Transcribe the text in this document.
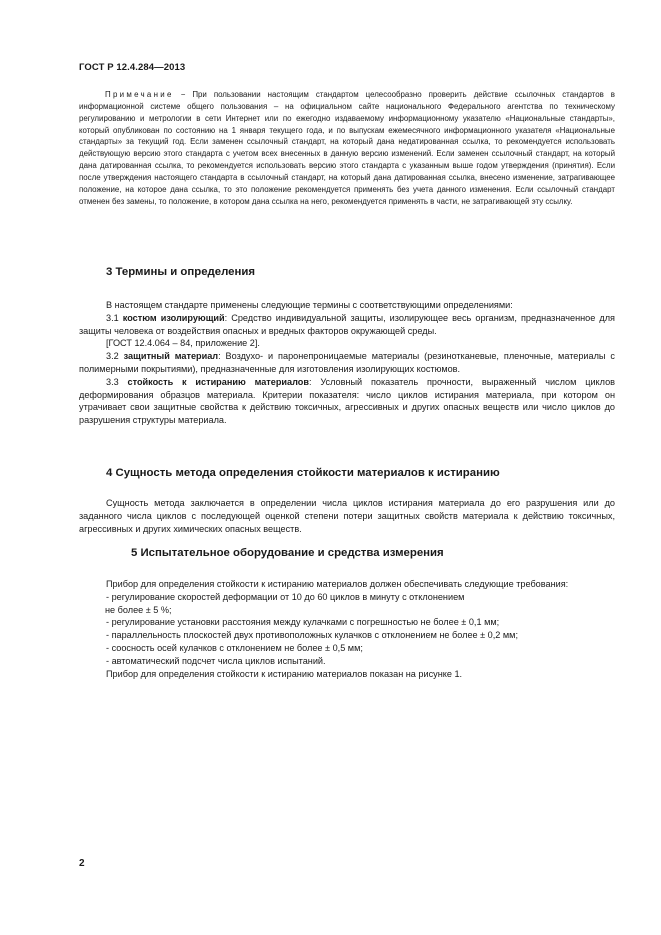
ГОСТ Р 12.4.284—2013
Примечание − При пользовании настоящим стандартом целесообразно проверить действие ссылочных стандартов в информационной системе общего пользования – на официальном сайте национального Федерального агентства по техническому регулированию и метрологии в сети Интернет или по ежегодно издаваемому информационному указателю «Национальные стандарты», который опубликован по состоянию на 1 января текущего года, и по выпускам ежемесячного информационного указателя «Национальные стандарты» за текущий год. Если заменен ссылочный стандарт, на который дана недатированная ссылка, то рекомендуется использовать действующую версию этого стандарта с учетом всех внесенных в данную версию изменений. Если заменен ссылочный стандарт, на который дана датированная ссылка, то рекомендуется использовать версию этого стандарта с указанным выше годом утверждения (принятия). Если после утверждения настоящего стандарта в ссылочный стандарт, на который дана датированная ссылка, внесено изменение, затрагивающее положение, на которое дана ссылка, то это положение рекомендуется применять без учета данного изменения. Если ссылочный стандарт отменен без замены, то положение, в котором дана ссылка на него, рекомендуется применять в части, не затрагивающей эту ссылку.
3 Термины и определения

В настоящем стандарте применены следующие термины с соответствующими определениями:

3.1 костюм изолирующий: Средство индивидуальной защиты, изолирующее весь организм, предназначенное для защиты человека от воздействия опасных и вредных факторов окружающей среды.

[ГОСТ 12.4.064 – 84, приложение 2].

3.2 защитный материал: Воздухо- и паронепроницаемые материалы (резинотканевые, пленочные, материалы с полимерными покрытиями), предназначенные для изготовления изолирующих костюмов.

3.3 стойкость к истиранию материалов: Условный показатель прочности, выраженный числом циклов деформирования образцов материала. Критерии показателя: число циклов истирания материала, при котором он утрачивает свои защитные свойства к действию токсичных, агрессивных и других опасных веществ или число циклов до разрушения структуры материала.

4 Сущность метода определения стойкости материалов к истиранию

Сущность метода заключается в определении числа циклов истирания материала до его разрушения или до заданного числа циклов с последующей оценкой степени потери защитных свойств материала к действию токсичных, агрессивных и других химических опасных веществ.

5 Испытательное оборудование и средства измерения

Прибор для определения стойкости к истиранию материалов должен обеспечивать следующие требования:

- регулирование скоростей деформации от 10 до 60 циклов в минуту с отклонением

не более ± 5 %;

- регулирование установки расстояния между кулачками с погрешностью не более ± 0,1 мм;

- параллельность плоскостей двух противоположных кулачков с отклонением не более ± 0,2 мм;

- соосность осей кулачков с отклонением не более ± 0,5 мм;

- автоматический подсчет числа циклов испытаний.

Прибор для определения стойкости к истиранию материалов показан на рисунке 1.

2
